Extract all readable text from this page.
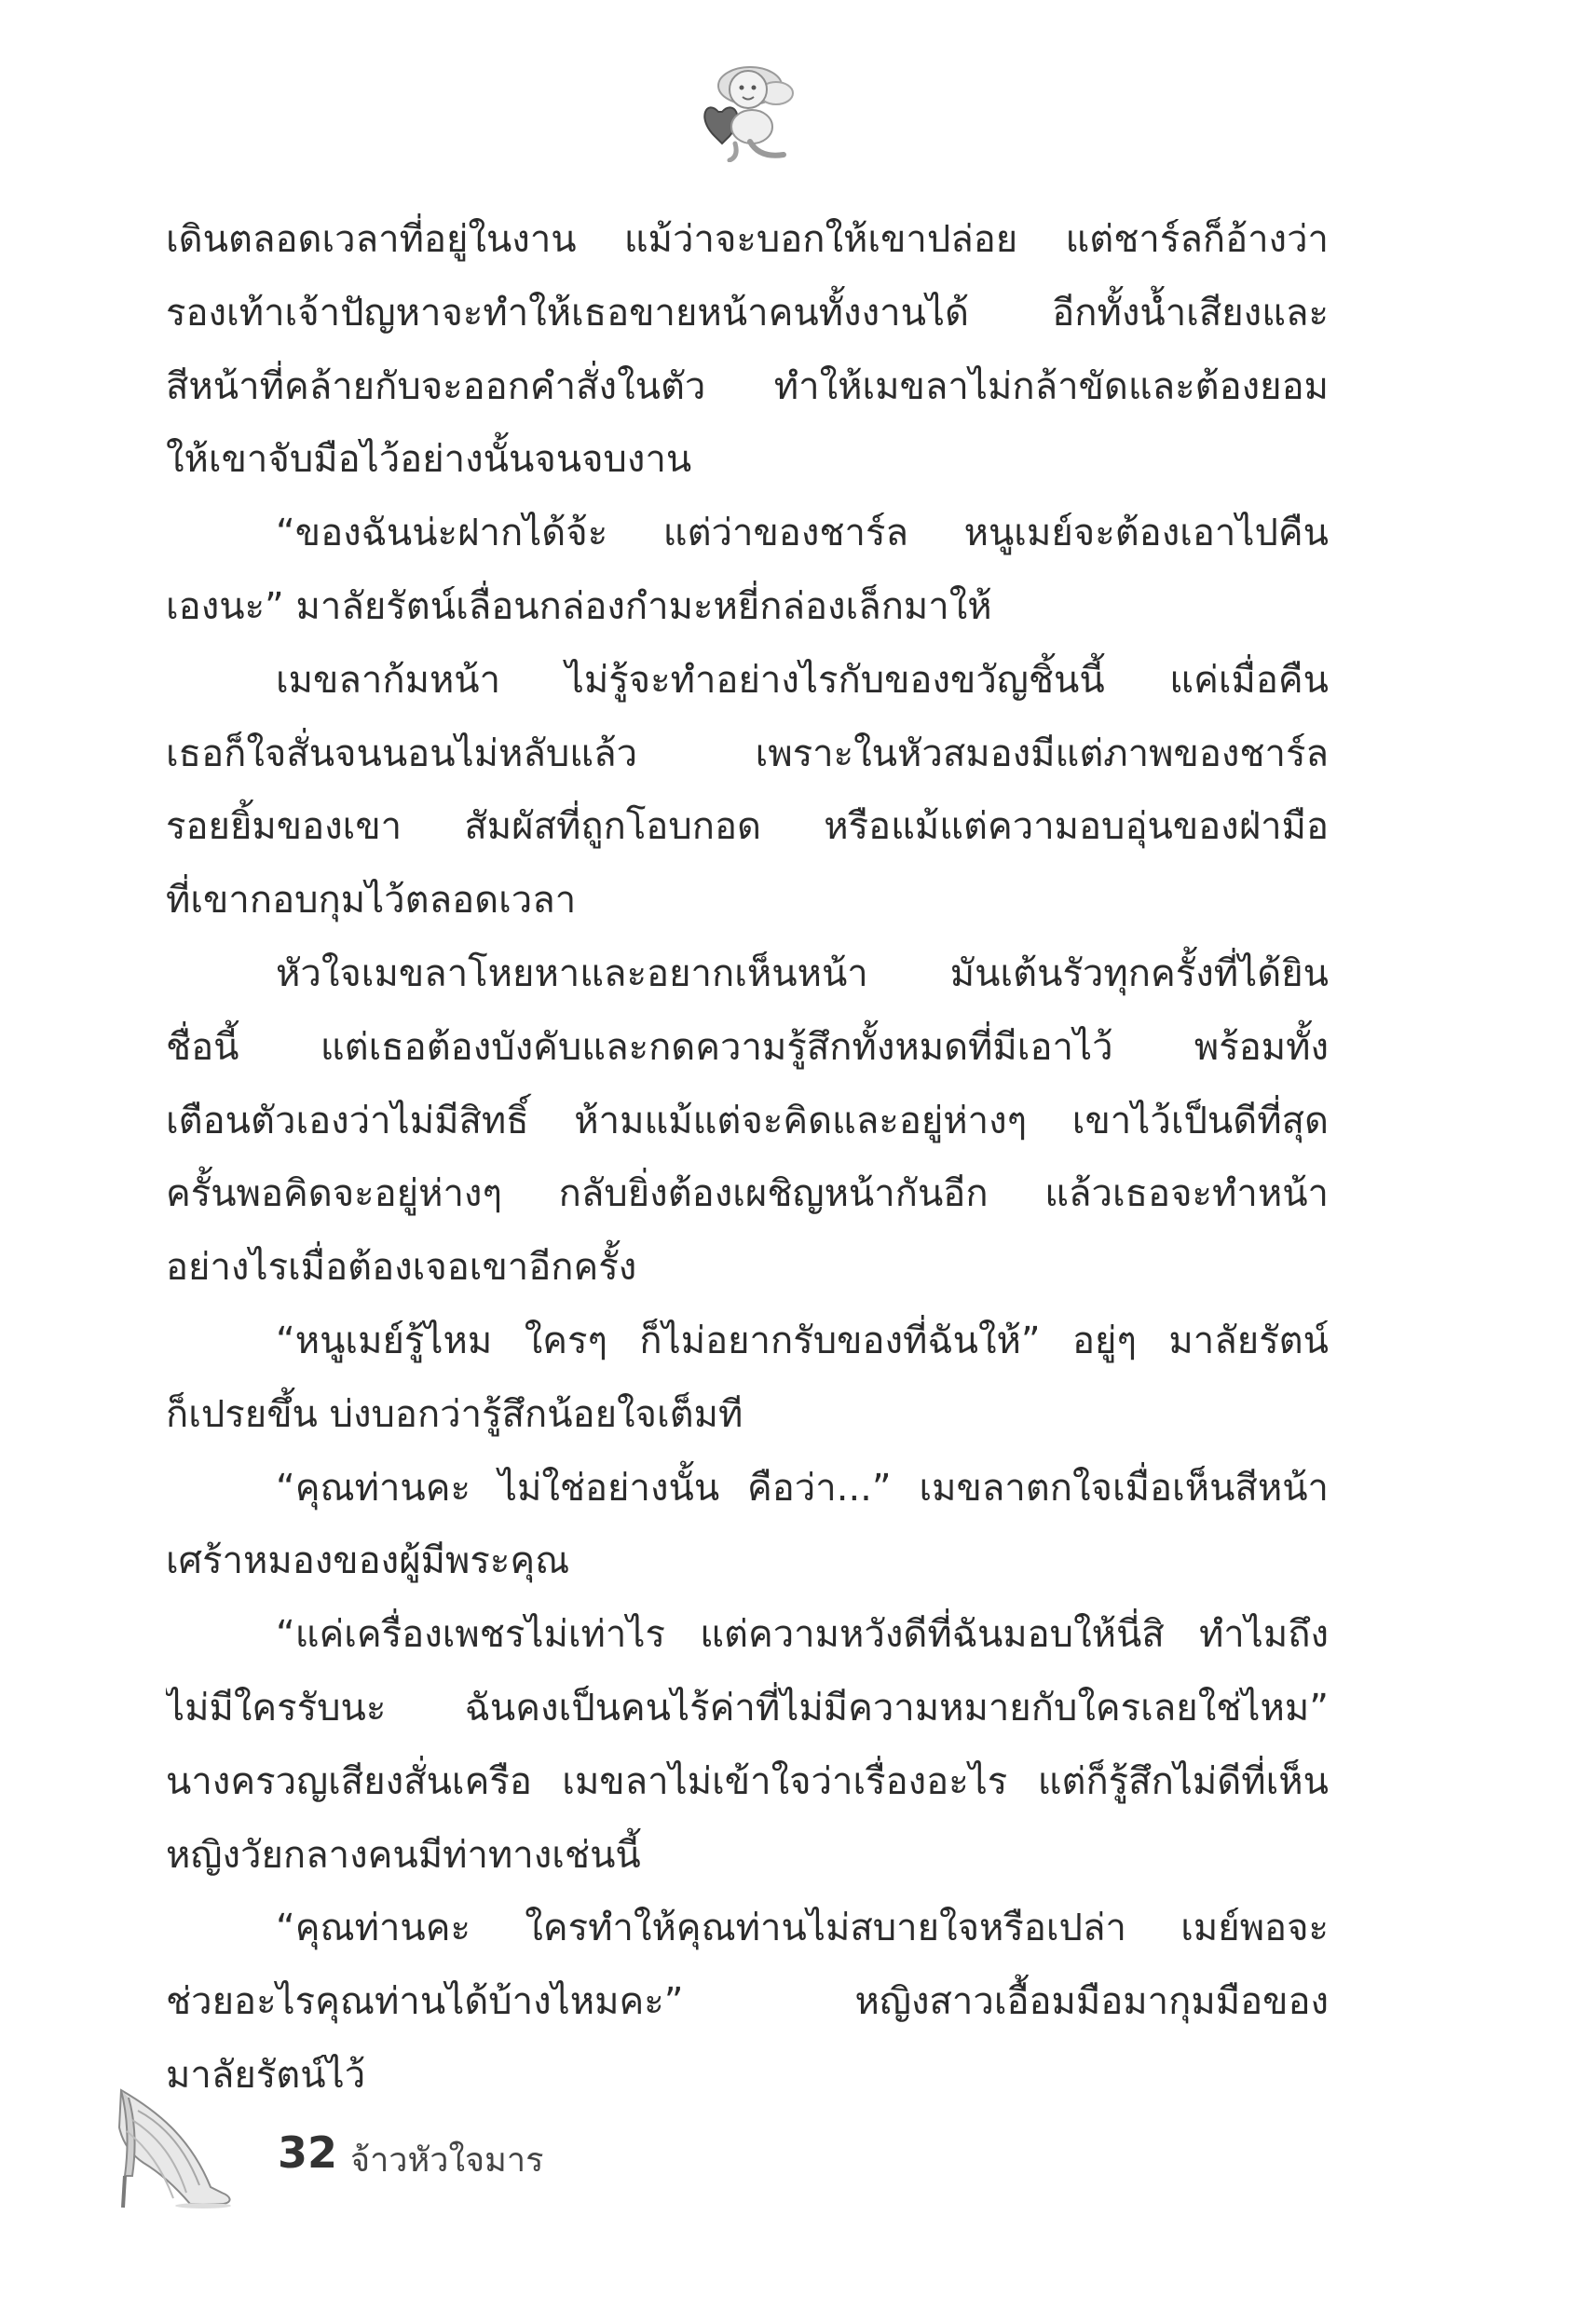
เดินตลอดเวลาที่อยู่ในงาน แม้ว่าจะบอกให้เขาปล่อย แต่ชาร์ลก็อ้างว่า
รองเท้าเจ้าปัญหาจะทำให้เธอขายหน้าคนทั้งงานได้ อีกทั้งน้ำเสียงและ
สีหน้าที่คล้ายกับจะออกคำสั่งในตัว ทำให้เมขลาไม่กล้าขัดและต้องยอม
ให้เขาจับมือไว้อย่างนั้นจนจบงาน
“ของฉันน่ะฝากได้จ้ะ แต่ว่าของชาร์ล หนูเมย์จะต้องเอาไปคืน
เองนะ” มาลัยรัตน์เลื่อนกล่องกำมะหยี่กล่องเล็กมาให้
เมขลาก้มหน้า ไม่รู้จะทำอย่างไรกับของขวัญชิ้นนี้ แค่เมื่อคืน
เธอก็ใจสั่นจนนอนไม่หลับแล้ว เพราะในหัวสมองมีแต่ภาพของชาร์ล
รอยยิ้มของเขา สัมผัสที่ถูกโอบกอด หรือแม้แต่ความอบอุ่นของฝ่ามือ
ที่เขากอบกุมไว้ตลอดเวลา
หัวใจเมขลาโหยหาและอยากเห็นหน้า มันเต้นรัวทุกครั้งที่ได้ยิน
ชื่อนี้ แต่เธอต้องบังคับและกดความรู้สึกทั้งหมดที่มีเอาไว้ พร้อมทั้ง
เตือนตัวเองว่าไม่มีสิทธิ์ ห้ามแม้แต่จะคิดและอยู่ห่างๆ เขาไว้เป็นดีที่สุด
ครั้นพอคิดจะอยู่ห่างๆ กลับยิ่งต้องเผชิญหน้ากันอีก แล้วเธอจะทำหน้า
อย่างไรเมื่อต้องเจอเขาอีกครั้ง
“หนูเมย์รู้ไหม ใครๆ ก็ไม่อยากรับของที่ฉันให้” อยู่ๆ มาลัยรัตน์
ก็เปรยขึ้น บ่งบอกว่ารู้สึกน้อยใจเต็มที
“คุณท่านคะ ไม่ใช่อย่างนั้น คือว่า...” เมขลาตกใจเมื่อเห็นสีหน้า
เศร้าหมองของผู้มีพระคุณ
“แค่เครื่องเพชรไม่เท่าไร แต่ความหวังดีที่ฉันมอบให้นี่สิ ทำไมถึง
ไม่มีใครรับนะ ฉันคงเป็นคนไร้ค่าที่ไม่มีความหมายกับใครเลยใช่ไหม”
นางครวญเสียงสั่นเครือ เมขลาไม่เข้าใจว่าเรื่องอะไร แต่ก็รู้สึกไม่ดีที่เห็น
หญิงวัยกลางคนมีท่าทางเช่นนี้
“คุณท่านคะ ใครทำให้คุณท่านไม่สบายใจหรือเปล่า เมย์พอจะ
ช่วยอะไรคุณท่านได้บ้างไหมคะ” หญิงสาวเอื้อมมือมากุมมือของ
มาลัยรัตน์ไว้
32 จ้าวหัวใจมาร
